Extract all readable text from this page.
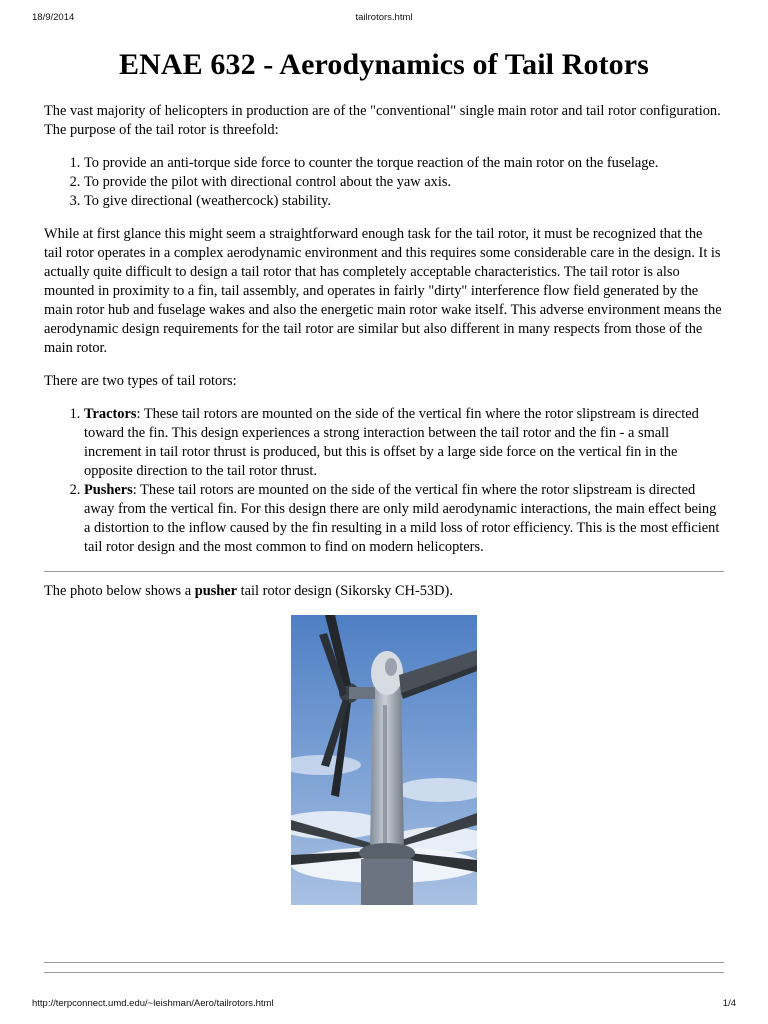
18/9/2014	tailrotors.html
ENAE 632 - Aerodynamics of Tail Rotors

The vast majority of helicopters in production are of the "conventional" single main rotor and tail rotor configuration. The purpose of the tail rotor is threefold:

1. To provide an anti-torque side force to counter the torque reaction of the main rotor on the fuselage.
2. To provide the pilot with directional control about the yaw axis.
3. To give directional (weathercock) stability.

While at first glance this might seem a straightforward enough task for the tail rotor, it must be recognized that the tail rotor operates in a complex aerodynamic environment and this requires some considerable care in the design. It is actually quite difficult to design a tail rotor that has completely acceptable characteristics. The tail rotor is also mounted in proximity to a fin, tail assembly, and operates in fairly "dirty" interference flow field generated by the main rotor hub and fuselage wakes and also the energetic main rotor wake itself. This adverse environment means the aerodynamic design requirements for the tail rotor are similar but also different in many respects from those of the main rotor.

There are two types of tail rotors:

1. Tractors: These tail rotors are mounted on the side of the vertical fin where the rotor slipstream is directed toward the fin. This design experiences a strong interaction between the tail rotor and the fin - a small increment in tail rotor thrust is produced, but this is offset by a large side force on the vertical fin in the opposite direction to the tail rotor thrust.
2. Pushers: These tail rotors are mounted on the side of the vertical fin where the rotor slipstream is directed away from the vertical fin. For this design there are only mild aerodynamic interactions, the main effect being a distortion to the inflow caused by the fin resulting in a mild loss of rotor efficiency. This is the most efficient tail rotor design and the most common to find on modern helicopters.

The photo below shows a pusher tail rotor design (Sikorsky CH-53D).

http://terpconnect.umd.edu/~leishman/Aero/tailrotors.html	1/4
